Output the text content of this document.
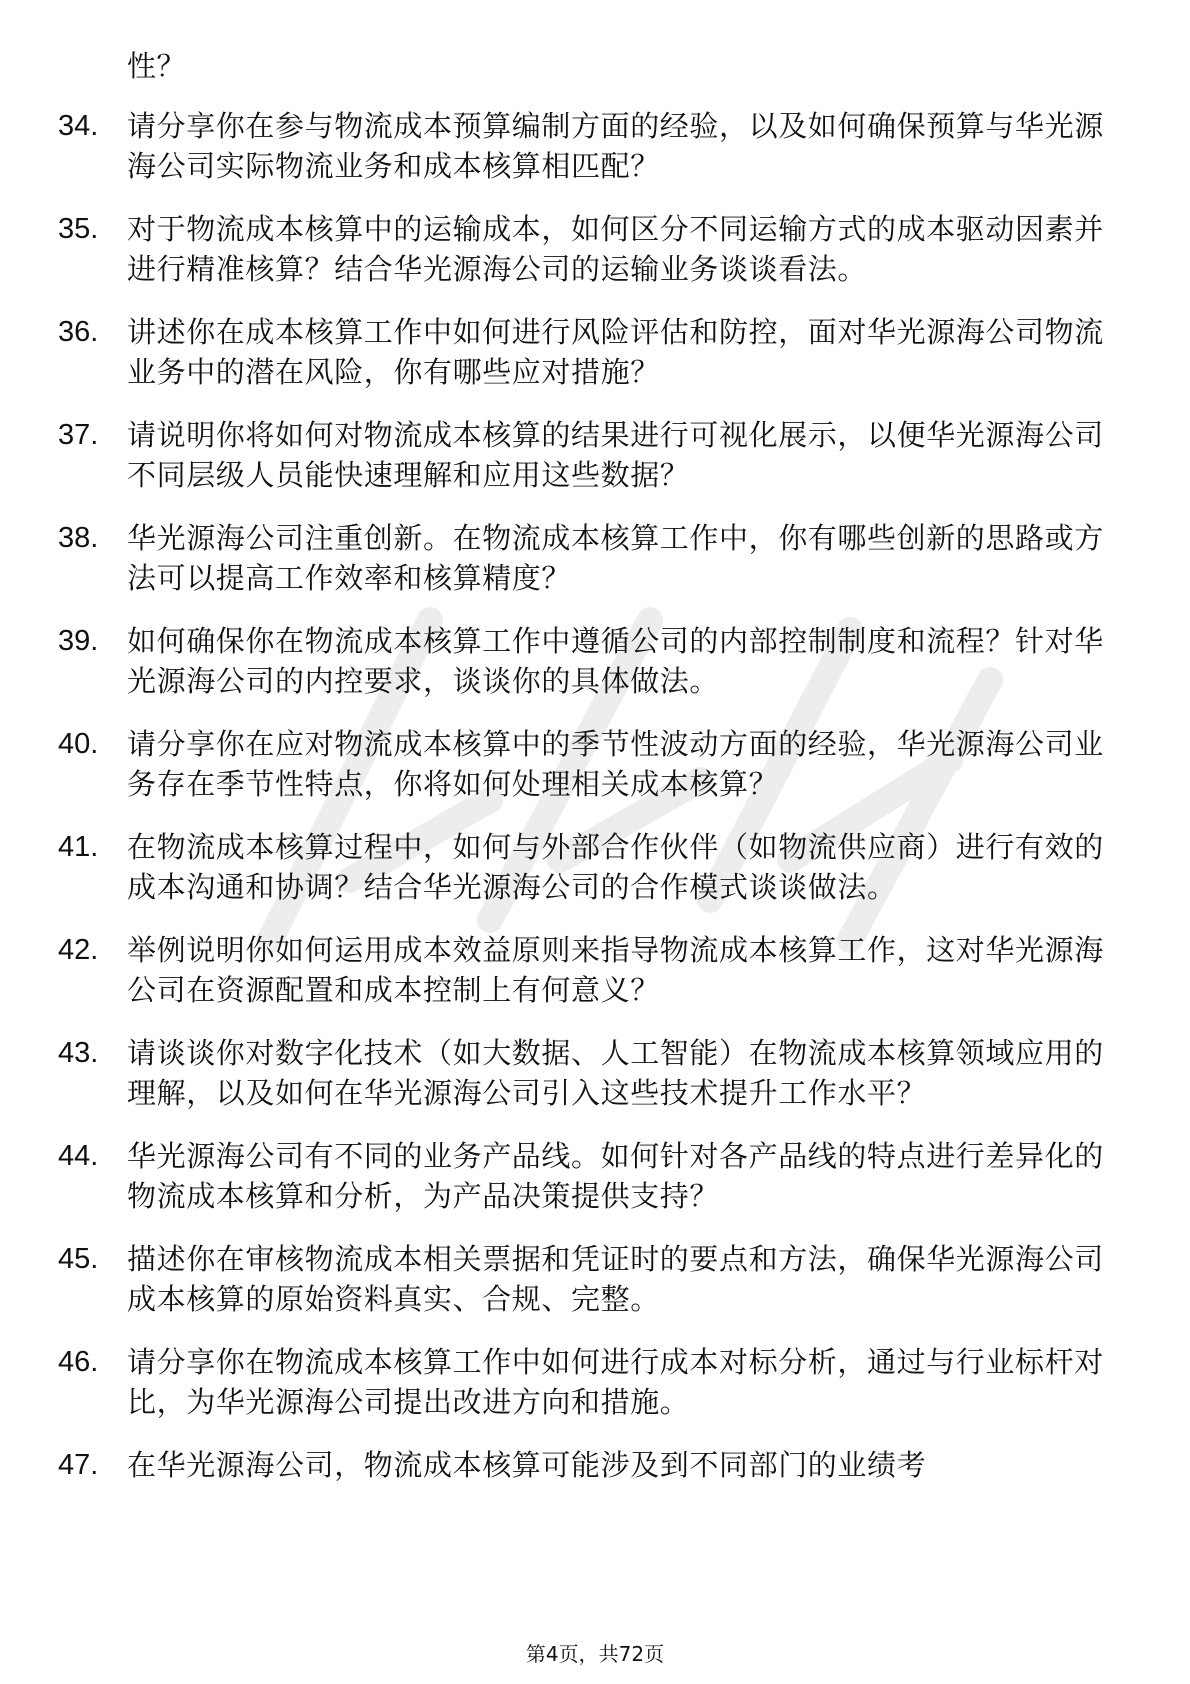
性？
34. 请分享你在参与物流成本预算编制方面的经验，以及如何确保预算与华光源海公司实际物流业务和成本核算相匹配？
35. 对于物流成本核算中的运输成本，如何区分不同运输方式的成本驱动因素并进行精准核算？结合华光源海公司的运输业务谈谈看法。
36. 讲述你在成本核算工作中如何进行风险评估和防控，面对华光源海公司物流业务中的潜在风险，你有哪些应对措施？
37. 请说明你将如何对物流成本核算的结果进行可视化展示，以便华光源海公司不同层级人员能快速理解和应用这些数据？
38. 华光源海公司注重创新。在物流成本核算工作中，你有哪些创新的思路或方法可以提高工作效率和核算精度？
39. 如何确保你在物流成本核算工作中遵循公司的内部控制制度和流程？针对华光源海公司的内控要求，谈谈你的具体做法。
40. 请分享你在应对物流成本核算中的季节性波动方面的经验，华光源海公司业务存在季节性特点，你将如何处理相关成本核算？
41. 在物流成本核算过程中，如何与外部合作伙伴（如物流供应商）进行有效的成本沟通和协调？结合华光源海公司的合作模式谈谈做法。
42. 举例说明你如何运用成本效益原则来指导物流成本核算工作，这对华光源海公司在资源配置和成本控制上有何意义？
43. 请谈谈你对数字化技术（如大数据、人工智能）在物流成本核算领域应用的理解，以及如何在华光源海公司引入这些技术提升工作水平？
44. 华光源海公司有不同的业务产品线。如何针对各产品线的特点进行差异化的物流成本核算和分析，为产品决策提供支持？
45. 描述你在审核物流成本相关票据和凭证时的要点和方法，确保华光源海公司成本核算的原始资料真实、合规、完整。
46. 请分享你在物流成本核算工作中如何进行成本对标分析，通过与行业标杆对比，为华光源海公司提出改进方向和措施。
47. 在华光源海公司，物流成本核算可能涉及到不同部门的业绩考
第4页，共72页
